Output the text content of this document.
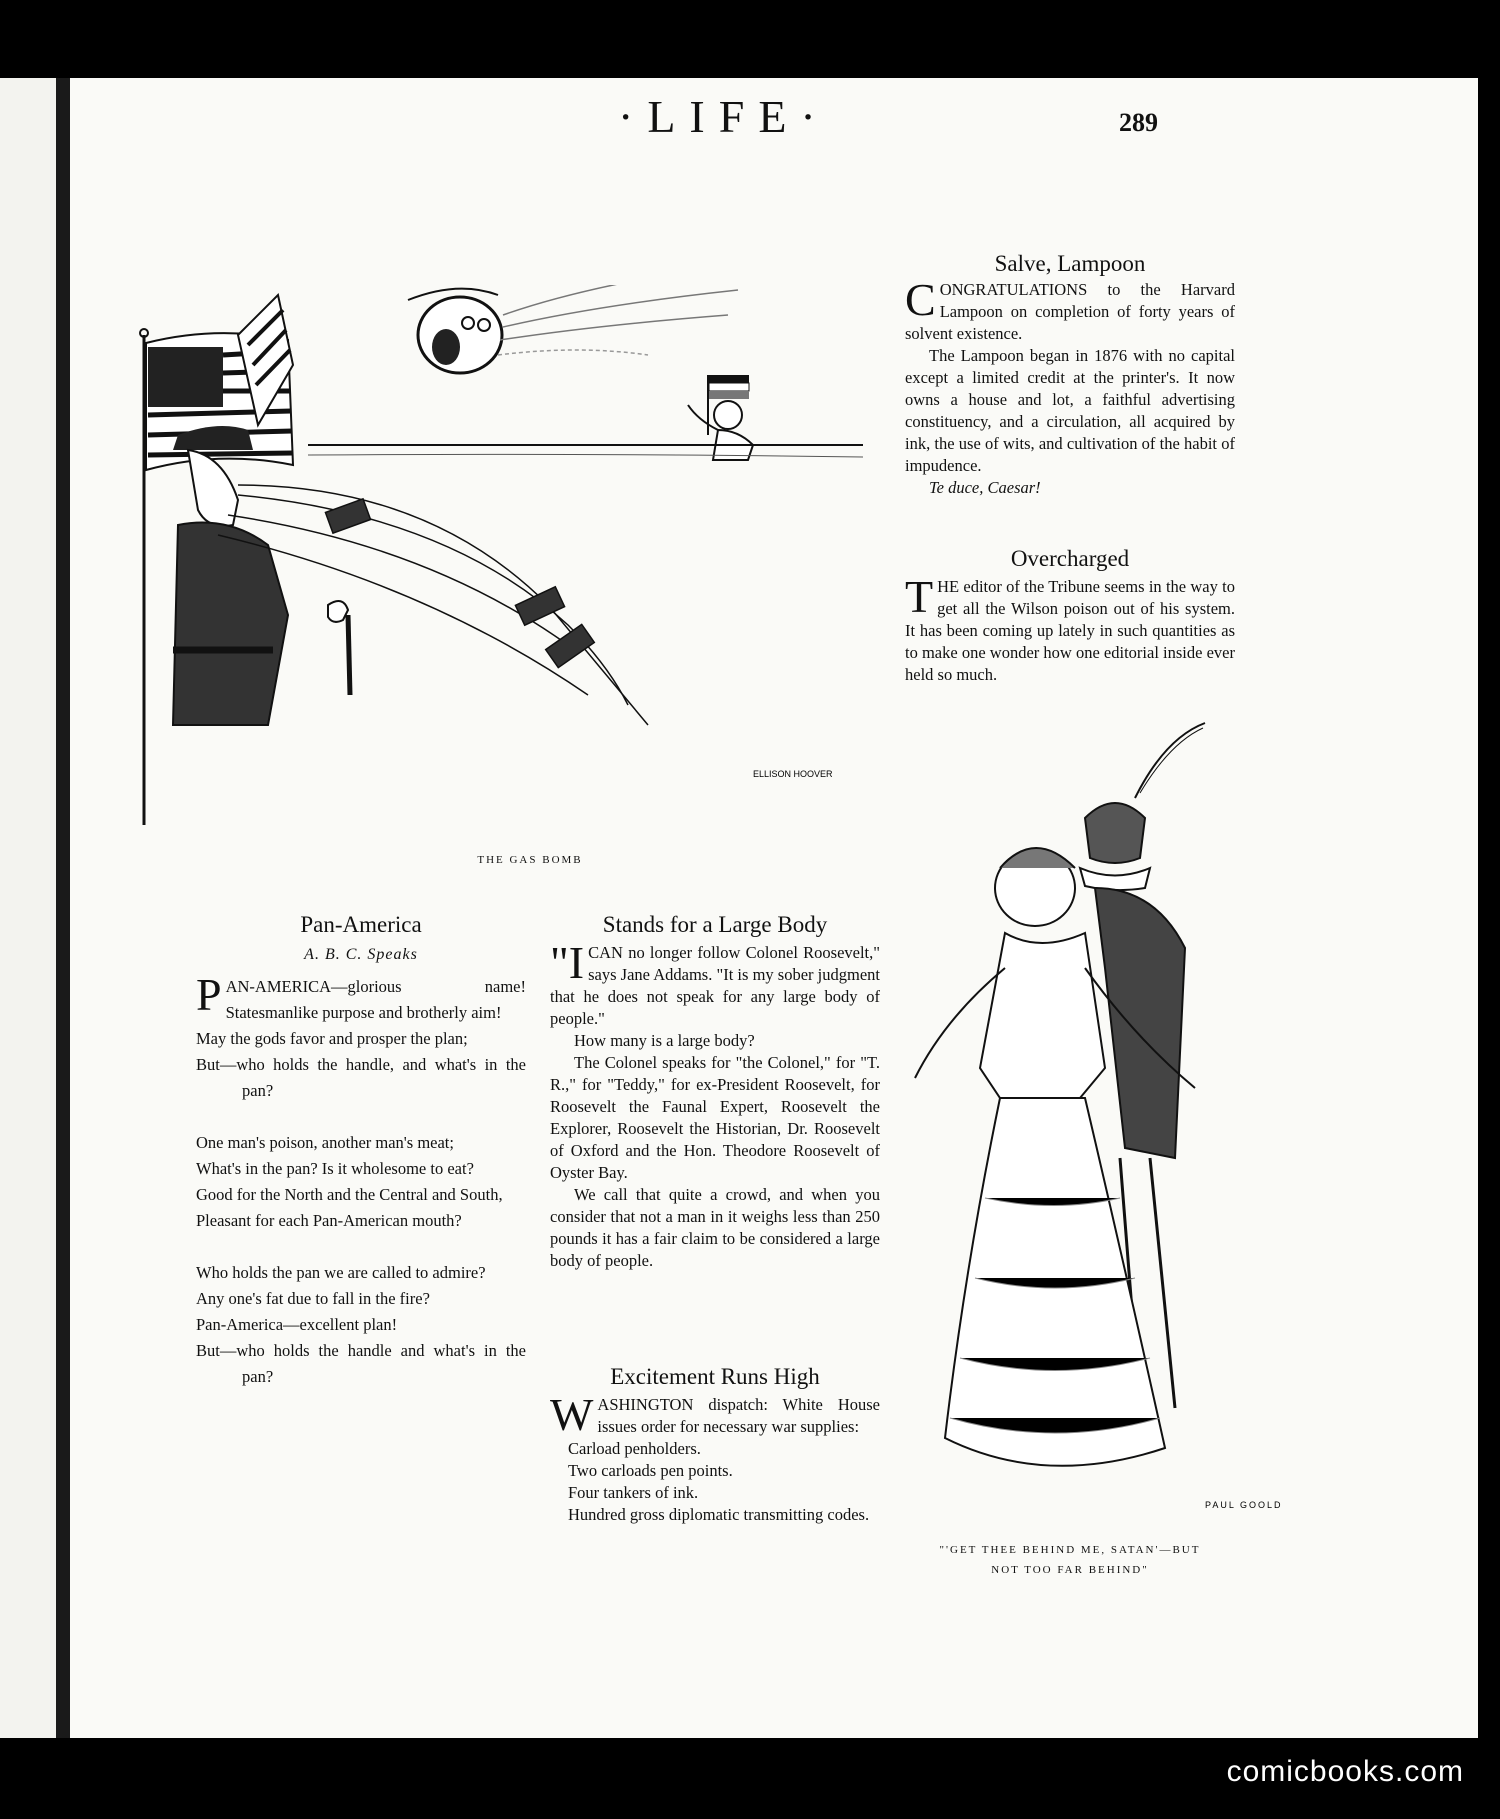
·LIFE·	289
ELLISON HOOVER
THE GAS BOMB
Salve, Lampoon

CONGRATULATIONS to the Harvard Lampoon on completion of forty years of solvent existence.

The Lampoon began in 1876 with no capital except a limited credit at the printer's. It now owns a house and lot, a faithful advertising constituency, and a circulation, all acquired by ink, the use of wits, and cultivation of the habit of impudence.

Te duce, Caesar!

Overcharged

THE editor of the Tribune seems in the way to get all the Wilson poison out of his system. It has been coming up lately in such quantities as to make one wonder how one editorial inside ever held so much.

PAUL GOOLD
"'GET THEE BEHIND ME, SATAN'—BUT
NOT TOO FAR BEHIND"
Pan-America
A. B. C. Speaks
P AN-AMERICA—glorious name! Statesmanlike purpose and brotherly aim!
May the gods favor and prosper the plan;
But—who holds the handle, and what's in the pan?
One man's poison, another man's meat;
What's in the pan? Is it wholesome to eat?
Good for the North and the Central and South,
Pleasant for each Pan-American mouth?
Who holds the pan we are called to admire?
Any one's fat due to fall in the fire?
Pan-America—excellent plan!
But—who holds the handle and what's in the pan?
Stands for a Large Body

"ICAN no longer follow Colonel Roosevelt," says Jane Addams. "It is my sober judgment that he does not speak for any large body of people."

How many is a large body?

The Colonel speaks for "the Colonel," for "T. R.," for "Teddy," for ex-President Roosevelt, for Roosevelt the Faunal Expert, Roosevelt the Explorer, Roosevelt the Historian, Dr. Roosevelt of Oxford and the Hon. Theodore Roosevelt of Oyster Bay.

We call that quite a crowd, and when you consider that not a man in it weighs less than 250 pounds it has a fair claim to be considered a large body of people.

Excitement Runs High

WASHINGTON dispatch: White House issues order for necessary war supplies:

Carload penholders.
Two carloads pen points.
Four tankers of ink.
Hundred gross diplomatic transmitting codes.
comicbooks.com
